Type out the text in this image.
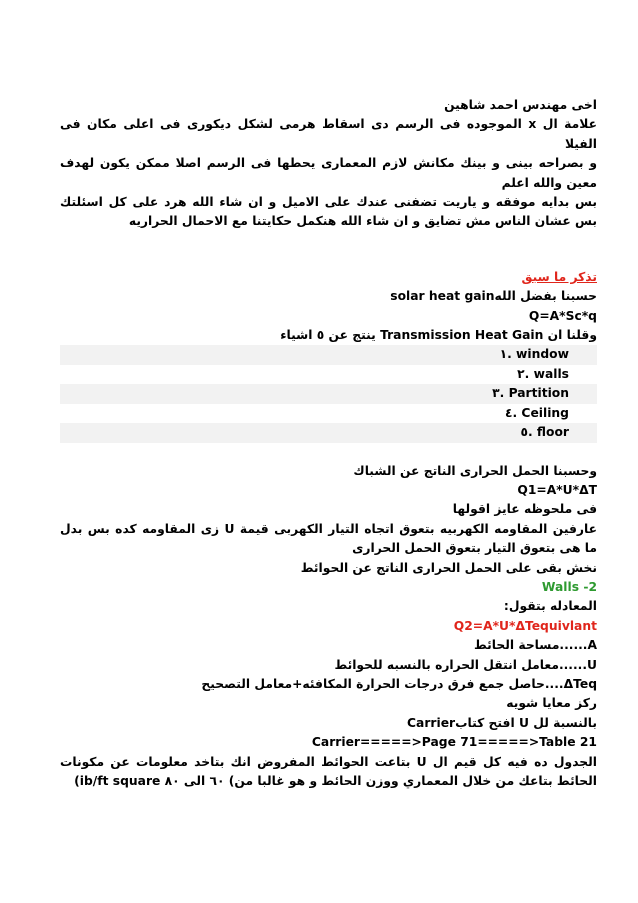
اخى مهندس احمد شاهين
علامة ال x الموجوده فى الرسم دى اسقاط هرمى لشكل ديكورى فى اعلى مكان فى الفيلا
و بصراحه بينى و بينك مكانش لازم المعمارى يحطها فى الرسم اصلا ممكن يكون لهدف معين والله اعلم
بس بدايه موفقه و ياريت تضفنى عندك على الاميل و ان شاء الله هرد على كل اسئلتك بس عشان الناس مش تضايق و ان شاء الله هنكمل حكايتنا مع الاحمال الحراريه
تذكر ما سبق
حسبنا بفضل اللهsolar heat gain
Q=A*Sc*q
وقلنا ان Transmission Heat Gain ينتج عن ٥ اشياء
window .١
walls .٢
Partition .٣
Ceiling .٤
floor .٥
وحسبنا الحمل الحرارى الناتج عن الشباك
Q1=A*U*ΔT
فى ملحوظه عايز اقولها
عارفين المقاومه الكهربيه بتعوق اتجاه التيار الكهربى قيمة U زى المقاومه كده بس بدل ما هى بتعوق التيار بتعوق الحمل الحرارى
نخش بقى على الحمل الحرارى الناتج عن الحوائط
2- Walls
المعادله بتقول:
Q2=A*U*ΔTequivlant
A......مساحة الحائط
U......معامل انتقل الحراره بالنسبه للحوائط
ΔTeq....حاصل جمع فرق درجات الحرارة المكافئه+معامل التصحيح
ركز معايا شويه
بالنسبة لل U افتح كتابCarrier
Carrier=====>Page 71=====>Table 21
الجدول ده فيه كل قيم ال U بتاعت الحوائط المفروض انك بتاخد معلومات عن مكونات الحائط بتاعك من خلال المعماري ووزن الحائط و هو غالبا من) ٦٠ الى ٨٠ ib/ft square)
